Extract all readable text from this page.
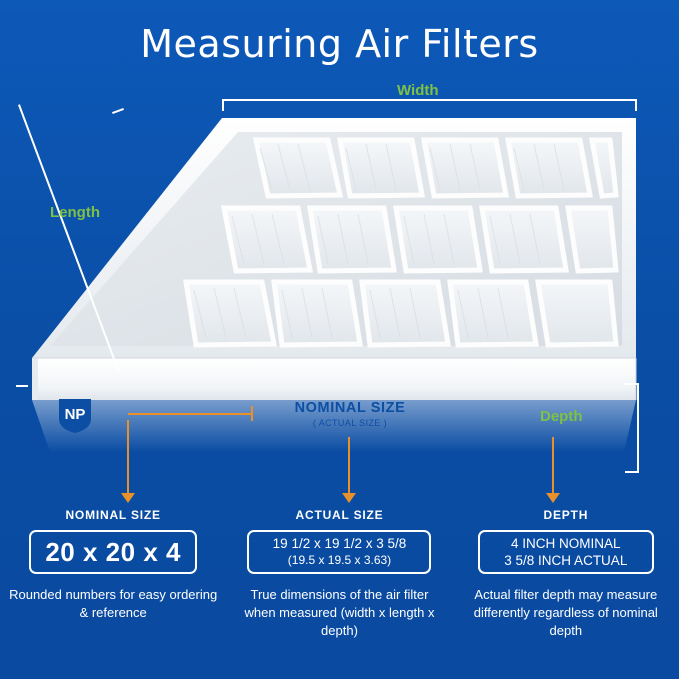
Measuring Air Filters
Width
Length
Depth
NP	NOMINAL SIZE
( ACTUAL SIZE )
NOMINAL SIZE
20 x 20 x 4
Rounded numbers for easy ordering & reference
ACTUAL SIZE
19 1/2 x 19 1/2 x 3 5/8
(19.5 x 19.5 x 3.63)
True dimensions of the air filter when measured (width x length x depth)
DEPTH
4 INCH NOMINAL
3 5/8 INCH ACTUAL
Actual filter depth may measure differently regardless of nominal depth
